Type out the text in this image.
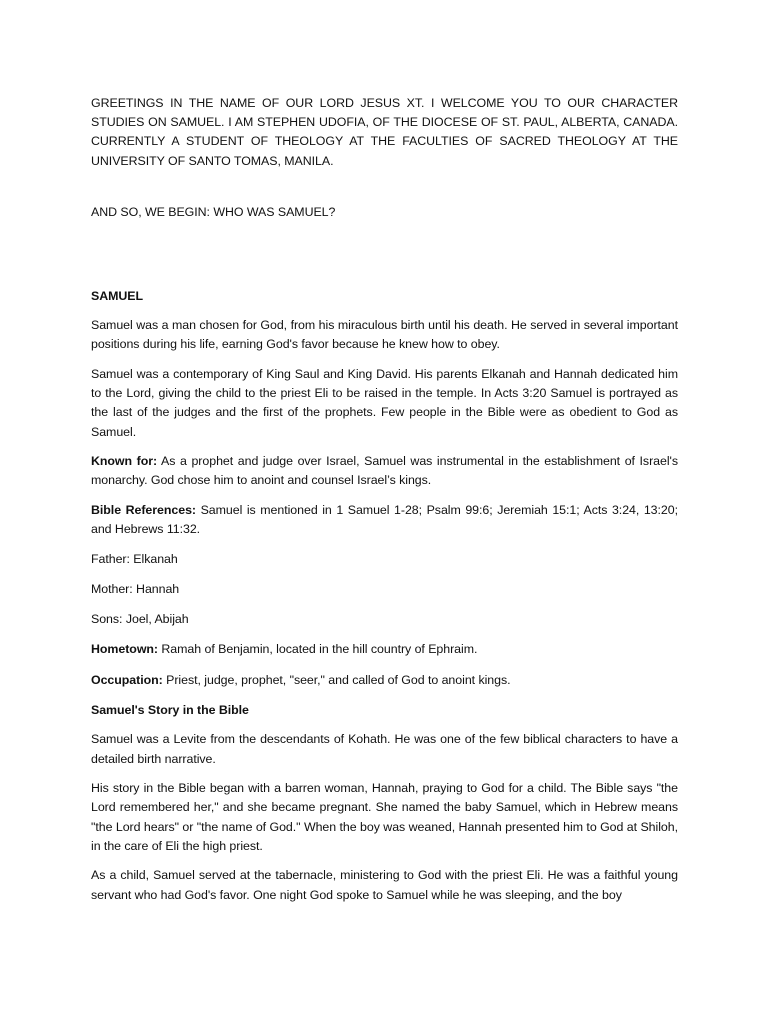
GREETINGS IN THE NAME OF OUR LORD JESUS XT. I WELCOME YOU TO OUR CHARACTER STUDIES ON SAMUEL. I AM STEPHEN UDOFIA, OF THE DIOCESE OF ST. PAUL, ALBERTA, CANADA. CURRENTLY A STUDENT OF THEOLOGY AT THE FACULTIES OF SACRED THEOLOGY AT THE UNIVERSITY OF SANTO TOMAS, MANILA.

AND SO, WE BEGIN: WHO WAS SAMUEL?

SAMUEL

Samuel was a man chosen for God, from his miraculous birth until his death. He served in several important positions during his life, earning God's favor because he knew how to obey.

Samuel was a contemporary of King Saul and King David. His parents Elkanah and Hannah dedicated him to the Lord, giving the child to the priest Eli to be raised in the temple. In Acts 3:20 Samuel is portrayed as the last of the judges and the first of the prophets. Few people in the Bible were as obedient to God as Samuel.

Known for: As a prophet and judge over Israel, Samuel was instrumental in the establishment of Israel's monarchy. God chose him to anoint and counsel Israel’s kings.

Bible References: Samuel is mentioned in 1 Samuel 1-28; Psalm 99:6; Jeremiah 15:1; Acts 3:24, 13:20; and Hebrews 11:32.

Father: Elkanah

Mother: Hannah

Sons: Joel, Abijah

Hometown: Ramah of Benjamin, located in the hill country of Ephraim.

Occupation: Priest, judge, prophet, "seer," and called of God to anoint kings.

Samuel's Story in the Bible

Samuel was a Levite from the descendants of Kohath. He was one of the few biblical characters to have a detailed birth narrative.

His story in the Bible began with a barren woman, Hannah, praying to God for a child. The Bible says "the Lord remembered her," and she became pregnant. She named the baby Samuel, which in Hebrew means "the Lord hears" or "the name of God." When the boy was weaned, Hannah presented him to God at Shiloh, in the care of Eli the high priest.

As a child, Samuel served at the tabernacle, ministering to God with the priest Eli. He was a faithful young servant who had God's favor. One night God spoke to Samuel while he was sleeping, and the boy
